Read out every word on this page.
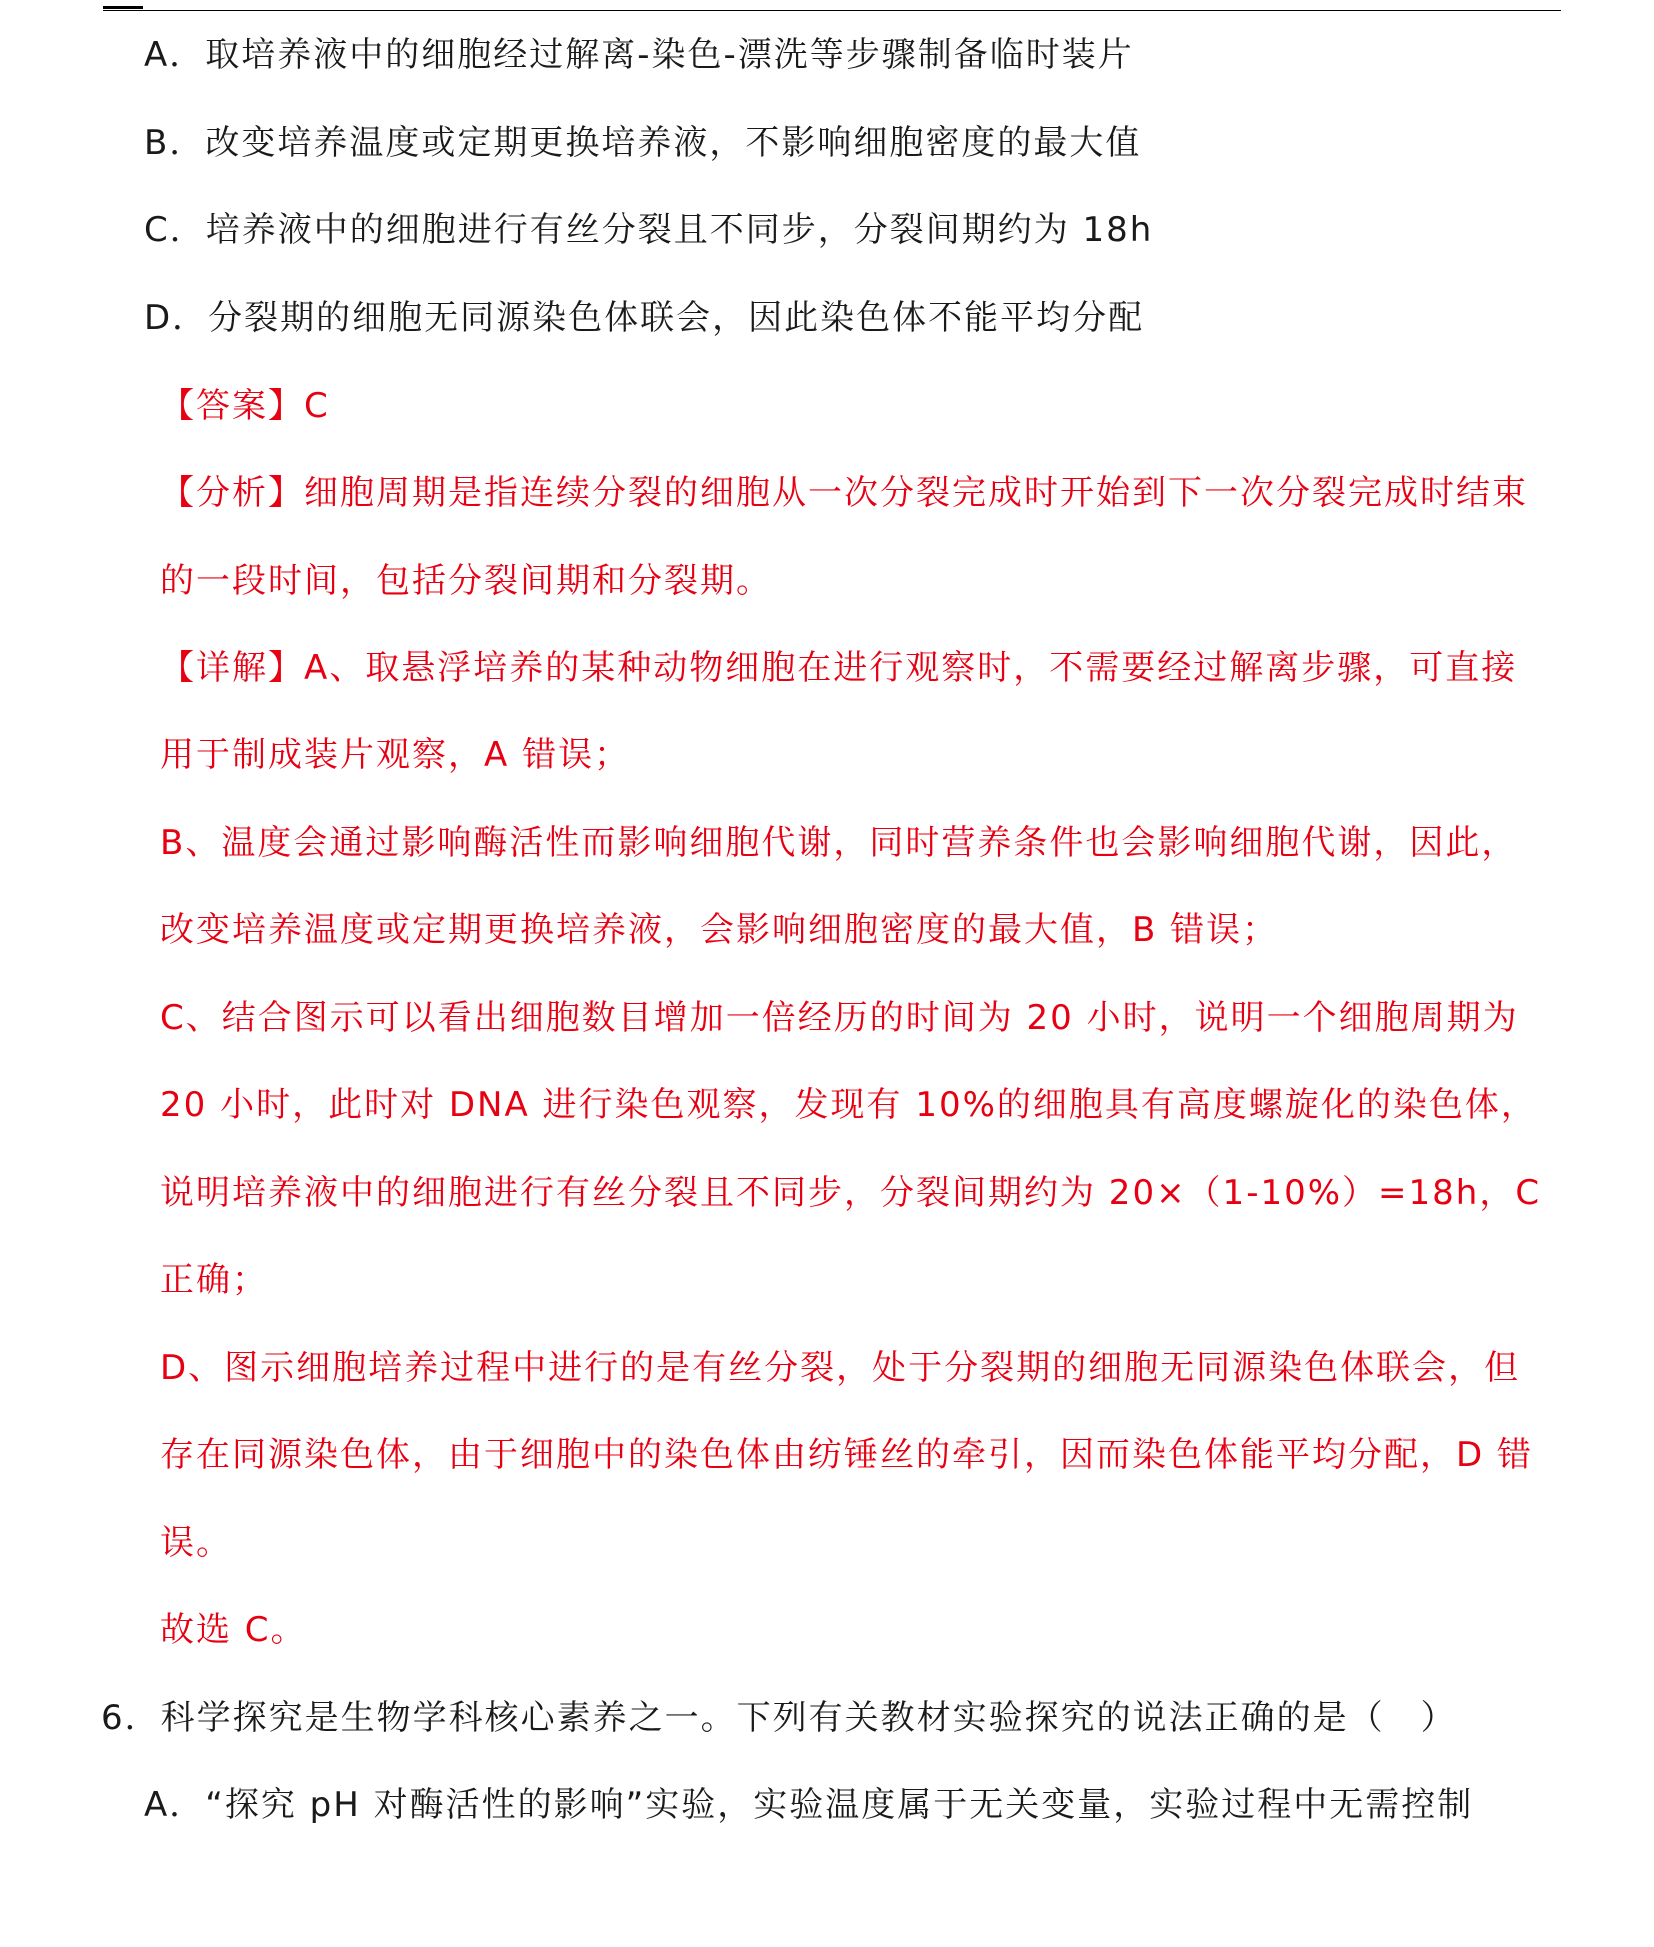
A．取培养液中的细胞经过解离-染色-漂洗等步骤制备临时装片
B．改变培养温度或定期更换培养液，不影响细胞密度的最大值
C．培养液中的细胞进行有丝分裂且不同步，分裂间期约为 18h
D．分裂期的细胞无同源染色体联会，因此染色体不能平均分配
【答案】C
【分析】细胞周期是指连续分裂的细胞从一次分裂完成时开始到下一次分裂完成时结束
的一段时间，包括分裂间期和分裂期。
【详解】A、取悬浮培养的某种动物细胞在进行观察时，不需要经过解离步骤，可直接
用于制成装片观察，A 错误；
B、温度会通过影响酶活性而影响细胞代谢，同时营养条件也会影响细胞代谢，因此，
改变培养温度或定期更换培养液，会影响细胞密度的最大值，B 错误；
C、结合图示可以看出细胞数目增加一倍经历的时间为 20 小时，说明一个细胞周期为
20 小时，此时对 DNA 进行染色观察，发现有 10%的细胞具有高度螺旋化的染色体，
说明培养液中的细胞进行有丝分裂且不同步，分裂间期约为 20×（1-10%）=18h，C
正确；
D、图示细胞培养过程中进行的是有丝分裂，处于分裂期的细胞无同源染色体联会，但
存在同源染色体，由于细胞中的染色体由纺锤丝的牵引，因而染色体能平均分配，D 错
误。
故选 C。
6．科学探究是生物学科核心素养之一。下列有关教材实验探究的说法正确的是（　）
A．“探究 pH 对酶活性的影响”实验，实验温度属于无关变量，实验过程中无需控制
